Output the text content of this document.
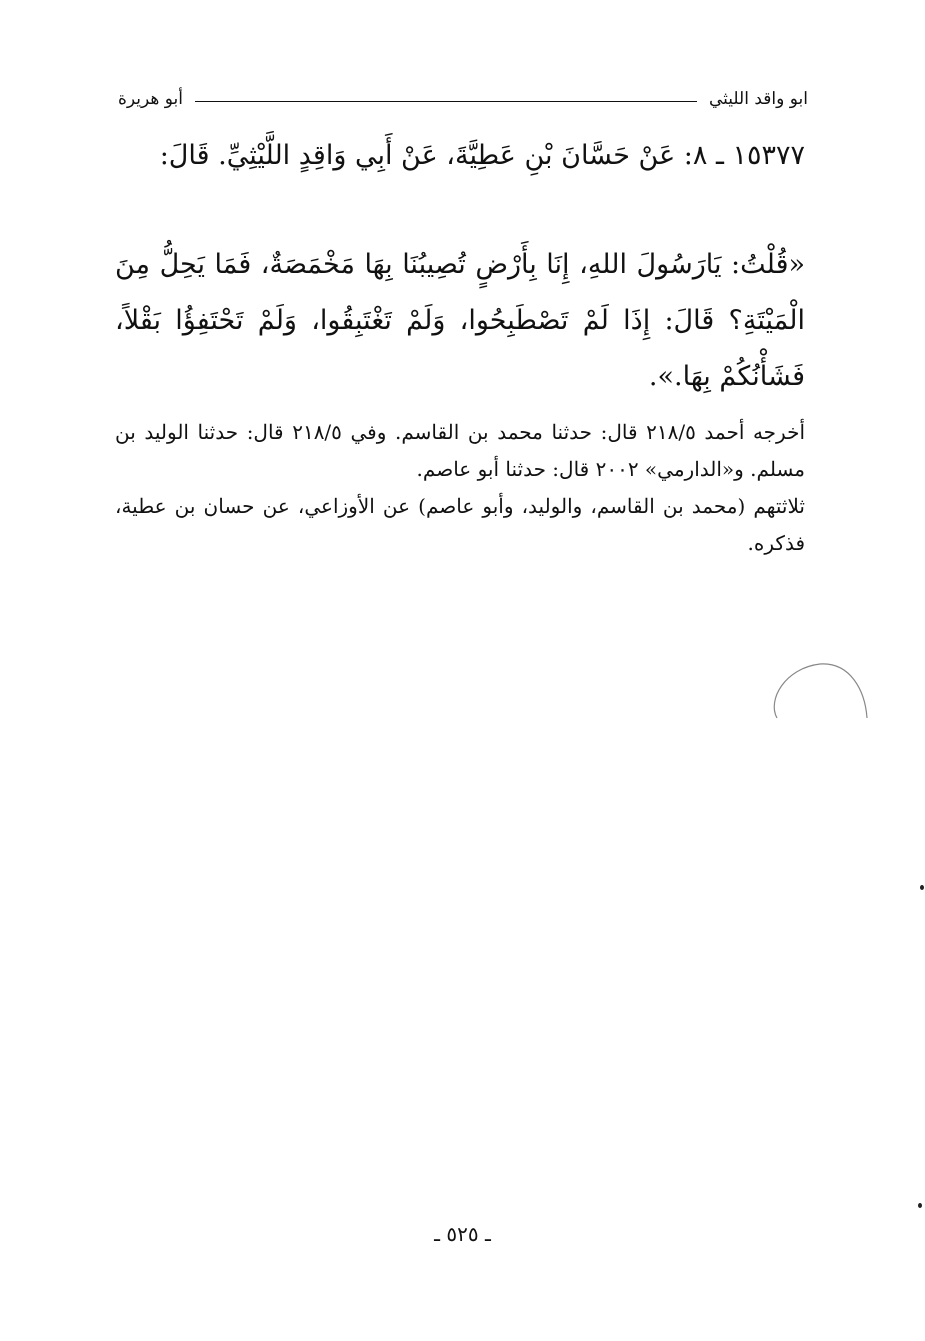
ابو واقد الليثي
أبو هريرة
١٥٣٧٧ ـ ٨: عَنْ حَسَّانَ بْنِ عَطِيَّةَ، عَنْ أَبِي وَاقِدٍ اللَّيْثِيِّ. قَالَ:
«قُلْتُ: يَارَسُولَ اللهِ، إِنَا بِأَرْضٍ تُصِيبُنَا بِهَا مَخْمَصَةٌ، فَمَا يَحِلُّ مِنَ الْمَيْتَةِ؟ قَالَ: إِذَا لَمْ تَصْطَبِحُوا، وَلَمْ تَغْتَبِقُوا، وَلَمْ تَحْتَفِؤُا بَقْلاً، فَشَأْنُكُمْ بِهَا.».

أخرجه أحمد ٢١٨/٥ قال: حدثنا محمد بن القاسم. وفي ٢١٨/٥ قال: حدثنا الوليد بن مسلم. و«الدارمي» ٢٠٠٢ قال: حدثنا أبو عاصم.

ثلاثتهم (محمد بن القاسم، والوليد، وأبو عاصم) عن الأوزاعي، عن حسان بن عطية، فذكره.

ـ ٥٢٥ ـ
